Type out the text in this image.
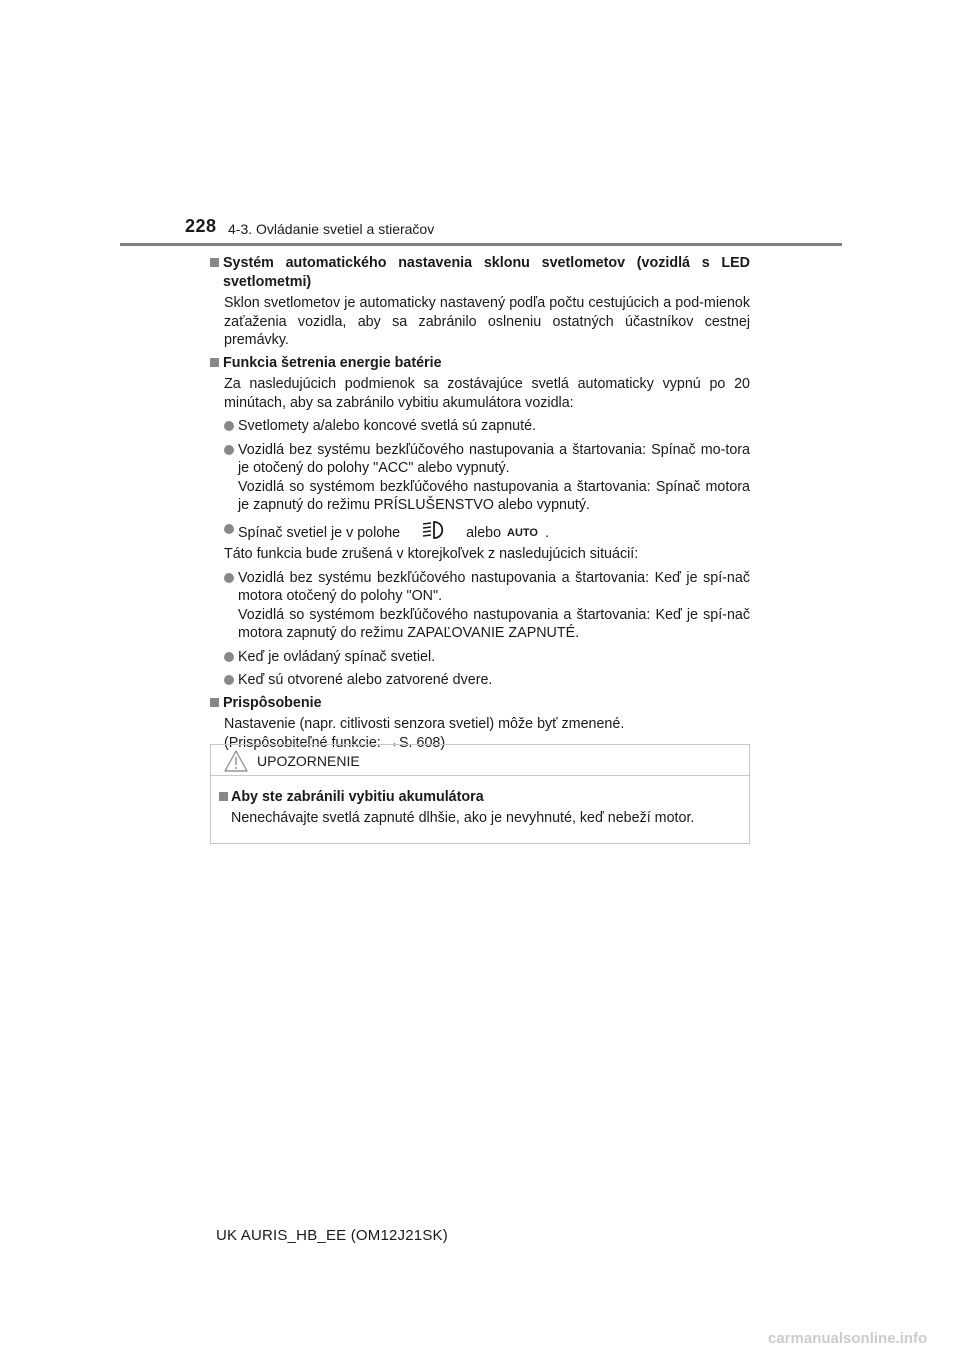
228 4-3. Ovládanie svetiel a stieračov
Systém automatického nastavenia sklonu svetlometov (vozidlá s LED svetlometmi)
Sklon svetlometov je automaticky nastavený podľa počtu cestujúcich a pod-mienok zaťaženia vozidla, aby sa zabránilo oslneniu ostatných účastníkov cestnej premávky.
Funkcia šetrenia energie batérie
Za nasledujúcich podmienok sa zostávajúce svetlá automaticky vypnú po 20 minútach, aby sa zabránilo vybitiu akumulátora vozidla:
Svetlomety a/alebo koncové svetlá sú zapnuté.
Vozidlá bez systému bezkľúčového nastupovania a štartovania: Spínač mo-tora je otočený do polohy "ACC" alebo vypnutý.
Vozidlá so systémom bezkľúčového nastupovania a štartovania: Spínač motora je zapnutý do režimu PRÍSLUŠENSTVO alebo vypnutý.
Spínač svetiel je v polohe	alebo AUTO .
Táto funkcia bude zrušená v ktorejkoľvek z nasledujúcich situácií:
Vozidlá bez systému bezkľúčového nastupovania a štartovania: Keď je spí-nač motora otočený do polohy "ON".
Vozidlá so systémom bezkľúčového nastupovania a štartovania: Keď je spí-nač motora zapnutý do režimu ZAPAĽOVANIE ZAPNUTÉ.
Keď je ovládaný spínač svetiel.
Keď sú otvorené alebo zatvorené dvere.
Prispôsobenie
Nastavenie (napr. citlivosti senzora svetiel) môže byť zmenené.
(Prispôsobiteľné funkcie: →S. 608)
UPOZORNENIE
Aby ste zabránili vybitiu akumulátora
Nenechávajte svetlá zapnuté dlhšie, ako je nevyhnuté, keď nebeží motor.
UK AURIS_HB_EE (OM12J21SK)
carmanualsonline.info
